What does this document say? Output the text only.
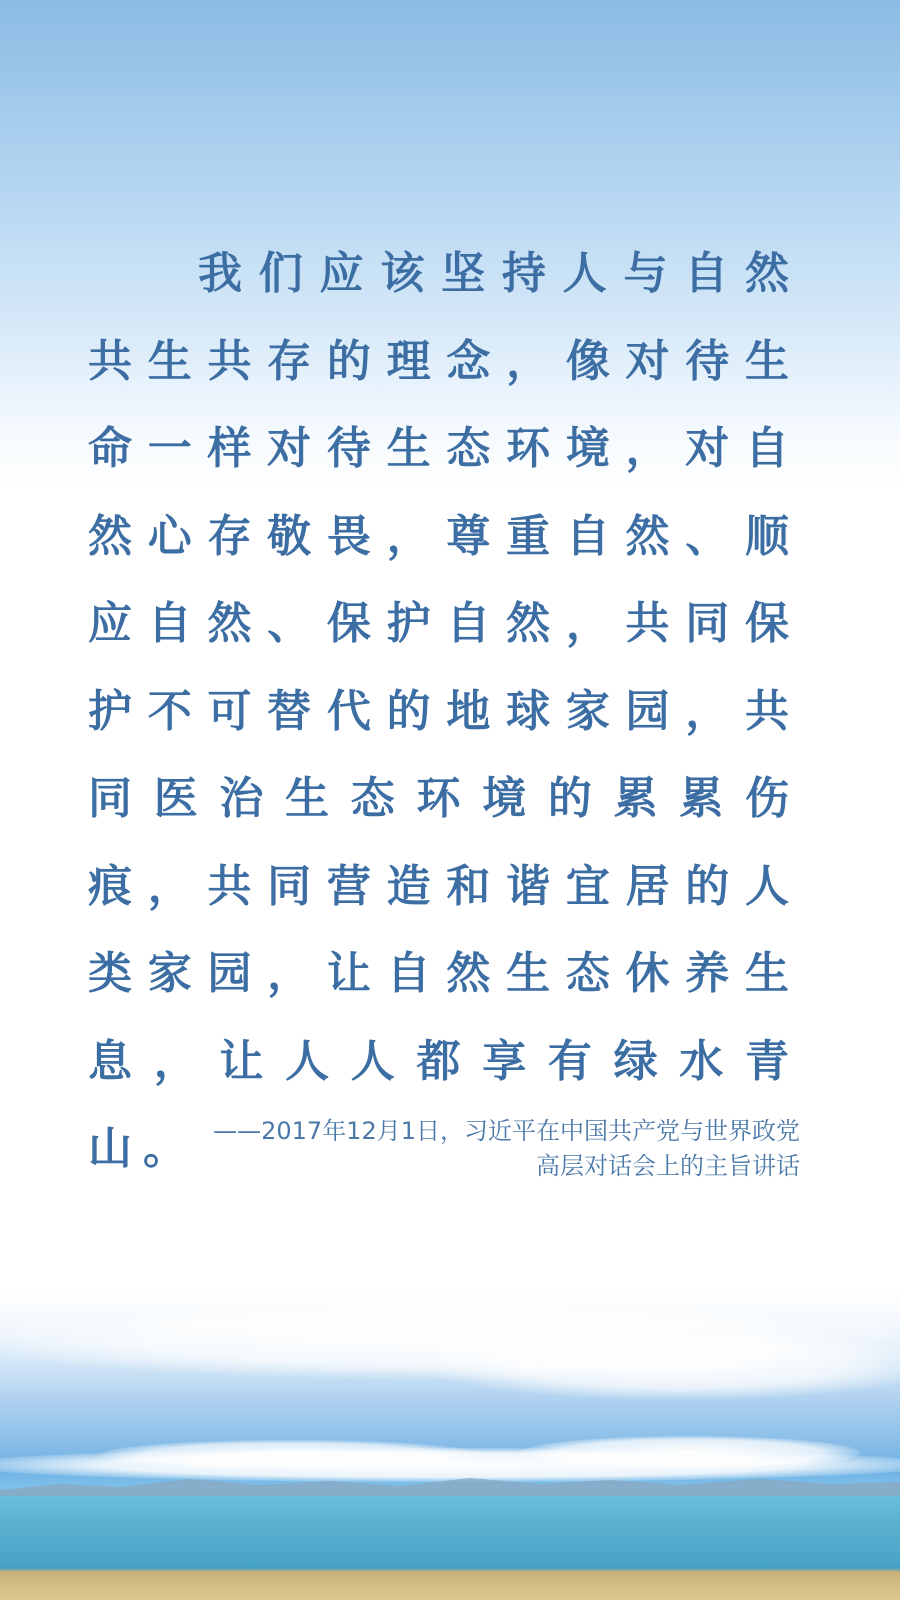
我们应该坚持人与自然共生共存的理念，像对待生命一样对待生态环境，对自然心存敬畏，尊重自然、顺应自然、保护自然，共同保护不可替代的地球家园，共同医治生态环境的累累伤痕，共同营造和谐宜居的人类家园，让自然生态休养生息，让人人都享有绿水青山。 ——2017年12月1日，习近平在中国共产党与世界政党
高层对话会上的主旨讲话
